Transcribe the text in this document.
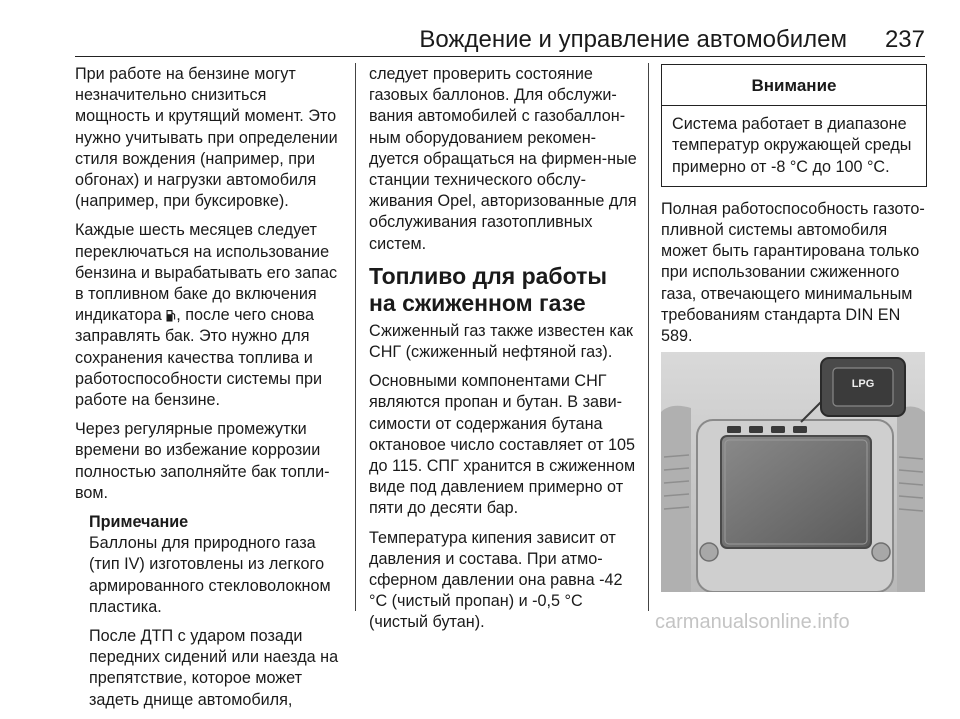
Вождение и управление автомобилем 237

При работе на бензине могут незначительно снизиться мощность и крутящий момент. Это нужно учитывать при определении стиля вождения (например, при обгонах) и нагрузки автомобиля (например, при буксировке).

Каждые шесть месяцев следует переключаться на использование бензина и вырабатывать его запас в топливном баке до включения индикатора , после чего снова заправлять бак. Это нужно для сохранения качества топлива и работоспособности системы при работе на бензине.

Через регулярные промежутки времени во избежание коррозии полностью заполняйте бак топли-вом.

Примечание

Баллоны для природного газа (тип IV) изготовлены из легкого армированного стекловолокном пластика.

После ДТП с ударом позади передних сидений или наезда на препятствие, которое может задеть днище автомобиля,

следует проверить состояние газовых баллонов. Для обслужи-вания автомобилей с газобаллон-ным оборудованием рекомен-дуется обращаться на фирмен-ные станции технического обслу-живания Opel, авторизованные для обслуживания газотопливных систем.

Топливо для работы на сжиженном газе

Сжиженный газ также известен как СНГ (сжиженный нефтяной газ).

Основными компонентами СНГ являются пропан и бутан. В зави-симости от содержания бутана октановое число составляет от 105 до 115. СПГ хранится в сжиженном виде под давлением примерно от пяти до десяти бар.

Температура кипения зависит от давления и состава. При атмо-сферном давлении она равна -42 °C (чистый пропан) и -0,5 °C (чистый бутан).

Внимание
Система работает в диапазоне температур окружающей среды примерно от -8 °C до 100 °C.

Полная работоспособность газото-пливной системы автомобиля может быть гарантирована только при использовании сжиженного газа, отвечающего минимальным требованиям стандарта DIN EN 589.

LPG
carmanualsonline.info
